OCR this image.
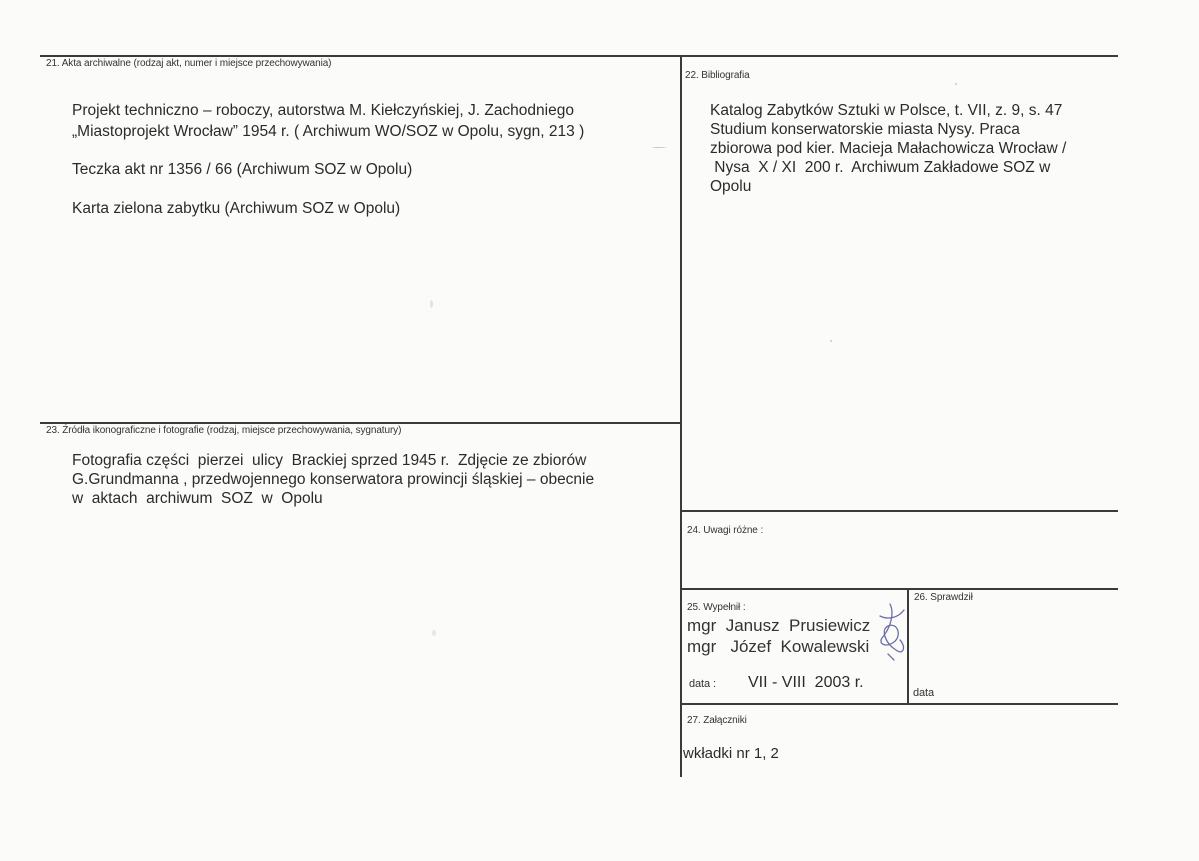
21. Akta archiwalne (rodzaj akt, numer i miejsce przechowywania)
Projekt techniczno – roboczy, autorstwa M. Kiełczyńskiej, J. Zachodniego
„Miastoprojekt Wrocław” 1954 r. ( Archiwum WO/SOZ w Opolu, sygn, 213 )
Teczka akt nr 1356 / 66 (Archiwum SOZ w Opolu)
Karta zielona zabytku (Archiwum SOZ w Opolu)
22. Bibliografia
Katalog Zabytków Sztuki w Polsce, t. VII, z. 9, s. 47
Studium konserwatorskie miasta Nysy. Praca
zbiorowa pod kier. Macieja Małachowicza Wrocław /
Nysa  X / XI  200 r.  Archiwum Zakładowe SOZ w
Opolu
23. Źródła ikonograficzne i fotografie (rodzaj, miejsce przechowywania, sygnatury)
Fotografia części  pierzei  ulicy  Brackiej sprzed 1945 r.  Zdjęcie ze zbiorów
G.Grundmanna , przedwojennego konserwatora prowincji śląskiej – obecnie
w  aktach  archiwum  SOZ  w  Opolu
24. Uwagi różne :
25. Wypełnił :
mgr  Janusz  Prusiewicz
mgr   Józef  Kowalewski
data : VII - VIII  2003 r.
26. Sprawdził
data
27. Załączniki
wkładki nr 1, 2
